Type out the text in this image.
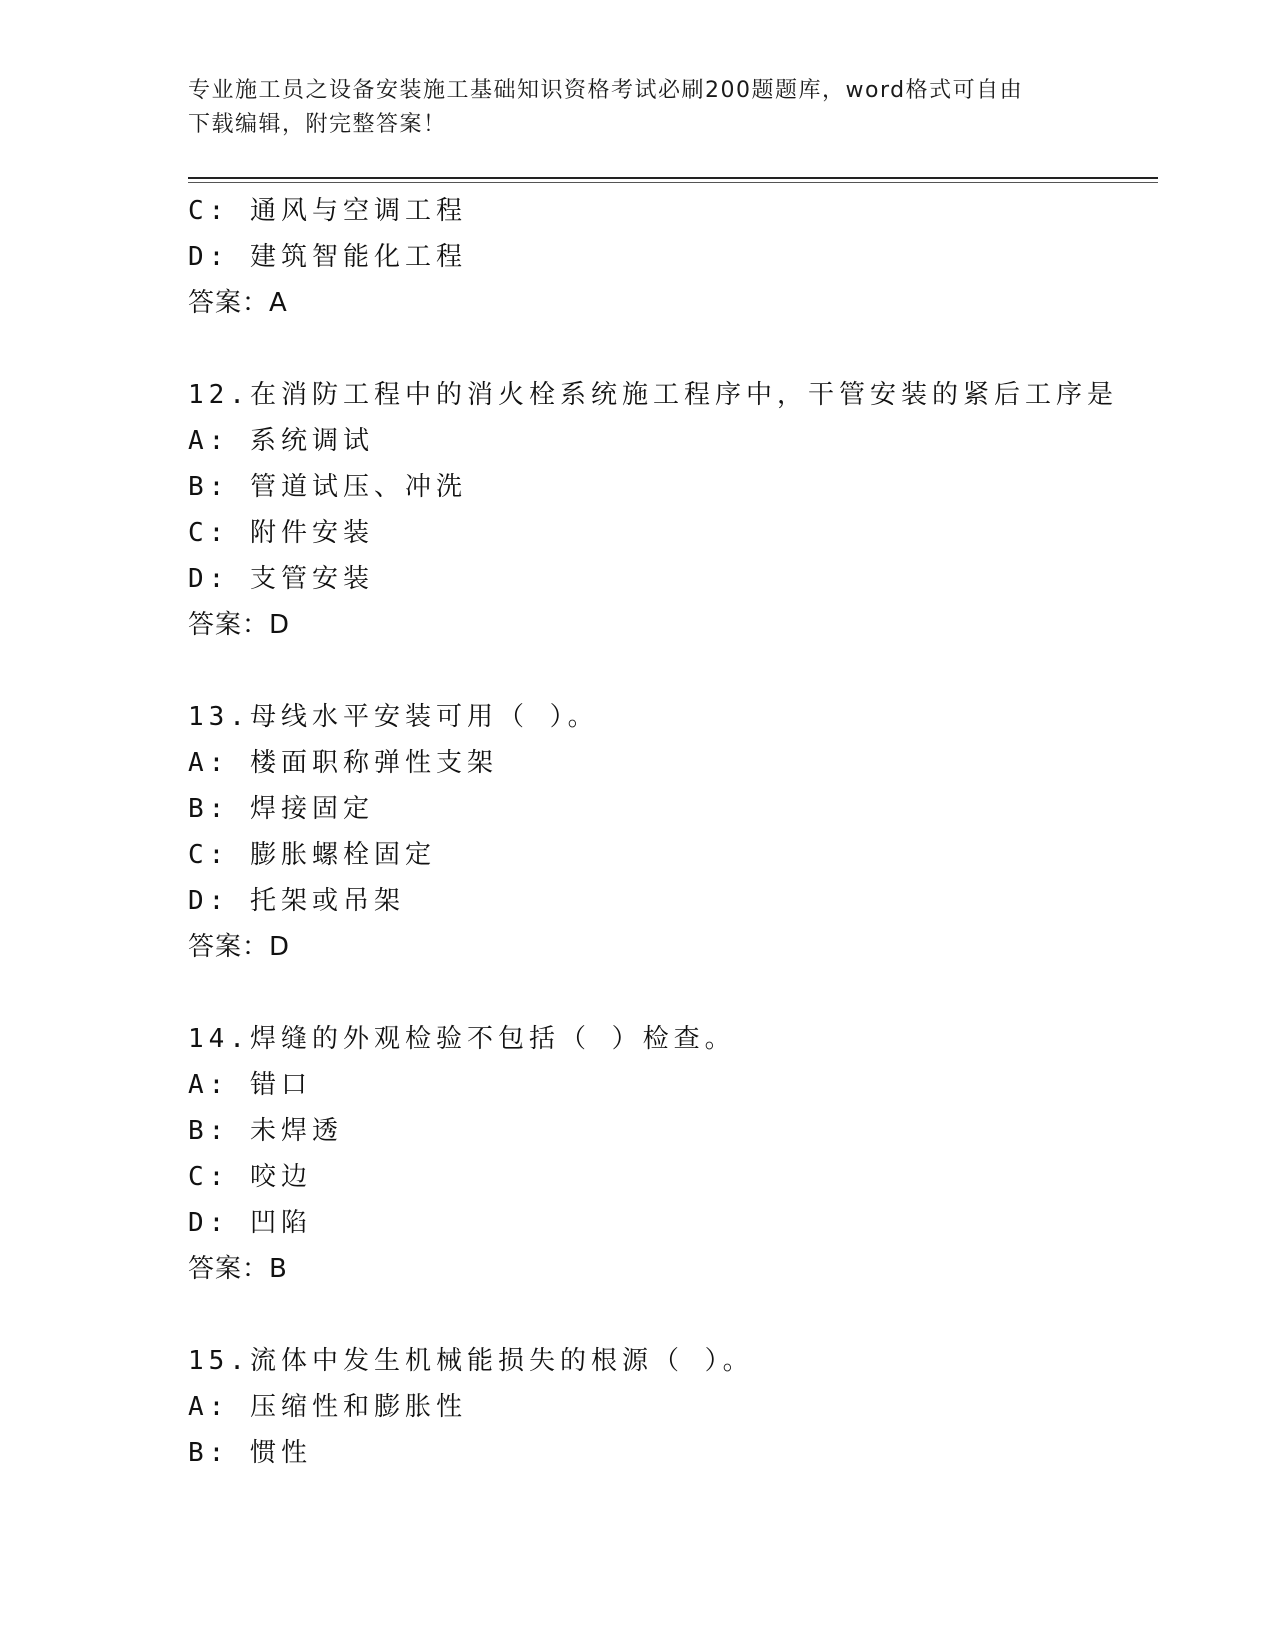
专业施工员之设备安装施工基础知识资格考试必刷200题题库，word格式可自由
下载编辑，附完整答案！
C: 通风与空调工程
D: 建筑智能化工程
答案：A
12.在消防工程中的消火栓系统施工程序中，干管安装的紧后工序是
A: 系统调试
B: 管道试压、冲洗
C: 附件安装
D: 支管安装
答案：D
13.母线水平安装可用（ ）。
A: 楼面职称弹性支架
B: 焊接固定
C: 膨胀螺栓固定
D: 托架或吊架
答案：D
14.焊缝的外观检验不包括（ ）检查。
A: 错口
B: 未焊透
C: 咬边
D: 凹陷
答案：B
15.流体中发生机械能损失的根源（ ）。
A: 压缩性和膨胀性
B: 惯性
